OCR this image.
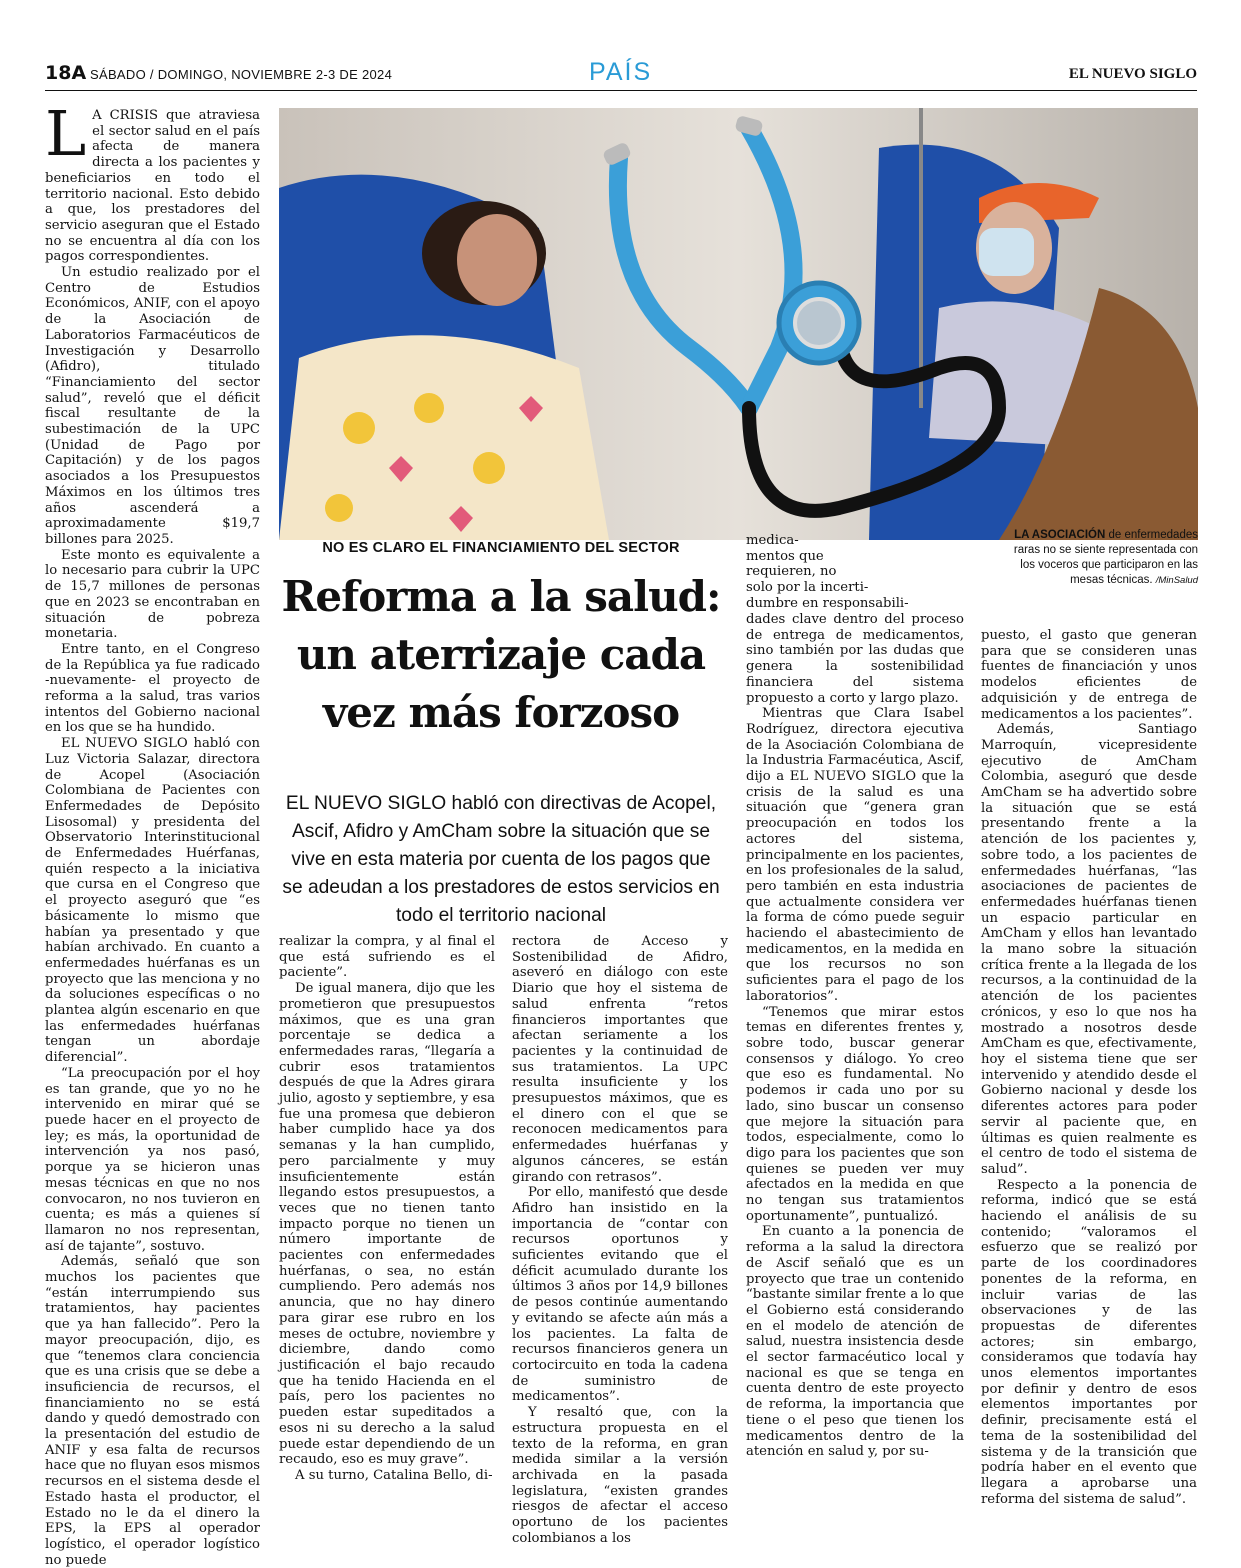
18A SÁBADO / DOMINGO, NOVIEMBRE 2-3 DE 2024	PAÍS	EL NUEVO SIGLO

L A CRISIS que atraviesa el sector salud en el país afecta de manera directa a los pacientes y beneficiarios en todo el territorio nacional. Esto debido a que, los prestadores del servicio aseguran que el Estado no se encuentra al día con los pagos correspondientes.

Un estudio realizado por el Centro de Estudios Económicos, ANIF, con el apoyo de la Asociación de Laboratorios Farmacéuticos de Investigación y Desarrollo (Afidro), titulado “Financiamiento del sector salud”, reveló que el déficit fiscal resultante de la subestimación de la UPC (Unidad de Pago por Capitación) y de los pagos asociados a los Presupuestos Máximos en los últimos tres años ascenderá a aproximadamente $19,7 billones para 2025.

Este monto es equivalente a lo necesario para cubrir la UPC de 15,7 millones de personas que en 2023 se encontraban en situación de pobreza monetaria.

Entre tanto, en el Congreso de la República ya fue radicado -nuevamente- el proyecto de reforma a la salud, tras varios intentos del Gobierno nacional en los que se ha hundido.

EL NUEVO SIGLO habló con Luz Victoria Salazar, directora de Acopel (Asociación Colombiana de Pacientes con Enfermedades de Depósito Lisosomal) y presidenta del Observatorio Interinstitucional de Enfermedades Huérfanas, quién respecto a la iniciativa que cursa en el Congreso que el proyecto aseguró que “es básicamente lo mismo que habían ya presentado y que habían archivado. En cuanto a enfermedades huérfanas es un proyecto que las menciona y no da soluciones específicas o no plantea algún escenario en que las enfermedades huérfanas tengan un abordaje diferencial”.

“La preocupación por el hoy es tan grande, que yo no he intervenido en mirar qué se puede hacer en el proyecto de ley; es más, la oportunidad de intervención ya nos pasó, porque ya se hicieron unas mesas técnicas en que no nos convocaron, no nos tuvieron en cuenta; es más a quienes sí llamaron no nos representan, así de tajante”, sostuvo.

Además, señaló que son muchos los pacientes que “están interrumpiendo sus tratamientos, hay pacientes que ya han fallecido”. Pero la mayor preocupación, dijo, es que “tenemos clara conciencia que es una crisis que se debe a insuficiencia de recursos, el financiamiento no se está dando y quedó demostrado con la presentación del estudio de ANIF y esa falta de recursos hace que no fluyan esos mismos recursos en el sistema desde el Estado hasta el productor, el Estado no le da el dinero la EPS, la EPS al operador logístico, el operador logístico no puede

LA ASOCIACIÓN de enfermedades raras no se siente representada con los voceros que participaron en las mesas técnicas. /MinSalud
NO ES CLARO EL FINANCIAMIENTO DEL SECTOR
Reforma a la salud: un aterrizaje cada vez más forzoso
EL NUEVO SIGLO habló con directivas de Acopel, Ascif, Afidro y AmCham sobre la situación que se vive en esta materia por cuenta de los pagos que se adeudan a los prestadores de estos servicios en todo el territorio nacional

realizar la compra, y al final el que está sufriendo es el paciente”.

De igual manera, dijo que les prometieron que presupuestos máximos, que es una gran porcentaje se dedica a enfermedades raras, “llegaría a cubrir esos tratamientos después de que la Adres girara julio, agosto y septiembre, y esa fue una promesa que debieron haber cumplido hace ya dos semanas y la han cumplido, pero parcialmente y muy insuficientemente están llegando estos presupuestos, a veces que no tienen tanto impacto porque no tienen un número importante de pacientes con enfermedades huérfanas, o sea, no están cumpliendo. Pero además nos anuncia, que no hay dinero para girar ese rubro en los meses de octubre, noviembre y diciembre, dando como justificación el bajo recaudo que ha tenido Hacienda en el país, pero los pacientes no pueden estar supeditados a esos ni su derecho a la salud puede estar dependiendo de un recaudo, eso es muy grave”.

A su turno, Catalina Bello, di-

rectora de Acceso y Sostenibilidad de Afidro, aseveró en diálogo con este Diario que hoy el sistema de salud enfrenta “retos financieros importantes que afectan seriamente a los pacientes y la continuidad de sus tratamientos. La UPC resulta insuficiente y los presupuestos máximos, que es el dinero con el que se reconocen medicamentos para enfermedades huérfanas y algunos cánceres, se están girando con retrasos”.

Por ello, manifestó que desde Afidro han insistido en la importancia de “contar con recursos oportunos y suficientes evitando que el déficit acumulado durante los últimos 3 años por 14,9 billones de pesos continúe aumentando y evitando se afecte aún más a los pacientes. La falta de recursos financieros genera un cortocircuito en toda la cadena de suministro de medicamentos”.

Y resaltó que, con la estructura propuesta en el texto de la reforma, en gran medida similar a la versión archivada en la pasada legislatura, “existen grandes riesgos de afectar el acceso oportuno de los pacientes colombianos a los

medica-
mentos que
requieren, no
solo por la incerti-
dumbre en responsabili-

dades clave dentro del proceso de entrega de medicamentos, sino también por las dudas que genera la sostenibilidad financiera del sistema propuesto a corto y largo plazo.

Mientras que Clara Isabel Rodríguez, directora ejecutiva de la Asociación Colombiana de la Industria Farmacéutica, Ascif, dijo a EL NUEVO SIGLO que la crisis de la salud es una situación que “genera gran preocupación en todos los actores del sistema, principalmente en los pacientes, en los profesionales de la salud, pero también en esta industria que actualmente considera ver la forma de cómo puede seguir haciendo el abastecimiento de medicamentos, en la medida en que los recursos no son suficientes para el pago de los laboratorios”.

“Tenemos que mirar estos temas en diferentes frentes y, sobre todo, buscar generar consensos y diálogo. Yo creo que eso es fundamental. No podemos ir cada uno por su lado, sino buscar un consenso que mejore la situación para todos, especialmente, como lo digo para los pacientes que son quienes se pueden ver muy afectados en la medida en que no tengan sus tratamientos oportunamente”, puntualizó.

En cuanto a la ponencia de reforma a la salud la directora de Ascif señaló que es un proyecto que trae un contenido “bastante similar frente a lo que el Gobierno está considerando en el modelo de atención de salud, nuestra insistencia desde el sector farmacéutico local y nacional es que se tenga en cuenta dentro de este proyecto de reforma, la importancia que tiene o el peso que tienen los medicamentos dentro de la atención en salud y, por su-

puesto, el gasto que generan para que se consideren unas fuentes de financiación y unos modelos eficientes de adquisición y de entrega de medicamentos a los pacientes”.

Además, Santiago Marroquín, vicepresidente ejecutivo de AmCham Colombia, aseguró que desde AmCham se ha advertido sobre la situación que se está presentando frente a la atención de los pacientes y, sobre todo, a los pacientes de enfermedades huérfanas, “las asociaciones de pacientes de enfermedades huérfanas tienen un espacio particular en AmCham y ellos han levantado la mano sobre la situación crítica frente a la llegada de los recursos, a la continuidad de la atención de los pacientes crónicos, y eso lo que nos ha mostrado a nosotros desde AmCham es que, efectivamente, hoy el sistema tiene que ser intervenido y atendido desde el Gobierno nacional y desde los diferentes actores para poder servir al paciente que, en últimas es quien realmente es el centro de todo el sistema de salud”.

Respecto a la ponencia de reforma, indicó que se está haciendo el análisis de su contenido; “valoramos el esfuerzo que se realizó por parte de los coordinadores ponentes de la reforma, en incluir varias de las observaciones y de las propuestas de diferentes actores; sin embargo, consideramos que todavía hay unos elementos importantes por definir y dentro de esos elementos importantes por definir, precisamente está el tema de la sostenibilidad del sistema y de la transición que podría haber en el evento que llegara a aprobarse una reforma del sistema de salud”.
